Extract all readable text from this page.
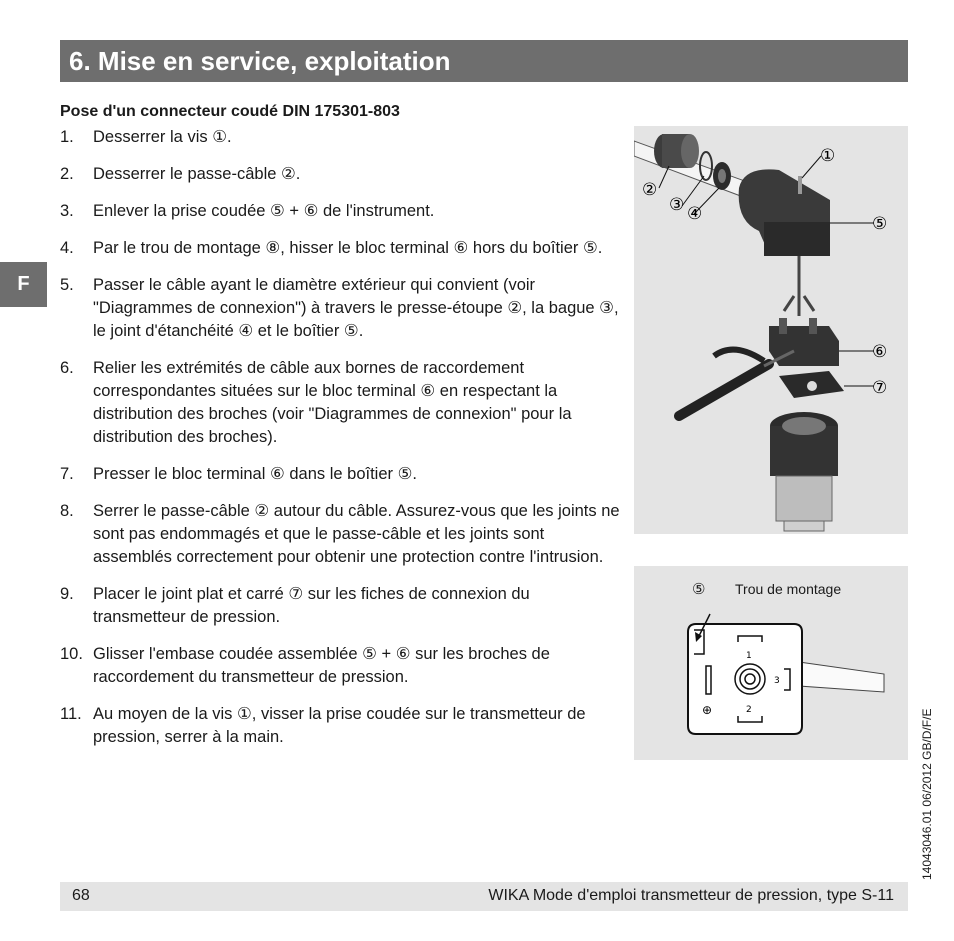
6. Mise en service, exploitation
F
Pose d'un connecteur coudé DIN 175301-803
1. Desserrer la vis ①.
2. Desserrer le passe-câble ②.
3. Enlever la prise coudée ⑤ + ⑥ de l'instrument.
4. Par le trou de montage ⑧, hisser le bloc terminal ⑥ hors du boîtier ⑤.
5. Passer le câble ayant le diamètre extérieur qui convient (voir "Diagrammes de connexion") à travers le presse-étoupe ②, la bague ③, le joint d'étanchéité ④ et le boîtier ⑤.
6. Relier les extrémités de câble aux bornes de raccordement correspondantes situées sur le bloc terminal ⑥ en respectant la distribution des broches (voir "Diagrammes de connexion" pour la distribution des broches).
7. Presser le bloc terminal ⑥ dans le boîtier ⑤.
8. Serrer le passe-câble ② autour du câble. Assurez-vous que les joints ne sont pas endommagés et que le passe-câble et les joints sont assemblés correctement pour obtenir une protection contre l'intrusion.
9. Placer le joint plat et carré ⑦ sur les fiches de connexion du transmetteur de pression.
10. Glisser l'embase coudée assemblée ⑤ + ⑥ sur les broches de raccordement du transmetteur de pression.
11. Au moyen de la vis ①, visser la prise coudée sur le transmetteur de pression, serrer à la main.
①
②
③ ④	⑤
⑥
⑦
⑤ Trou de montage
1
2
3
⊕	14043046.01 06/2012 GB/D/F/E
68	WIKA Mode d'emploi transmetteur de pression, type S-11
